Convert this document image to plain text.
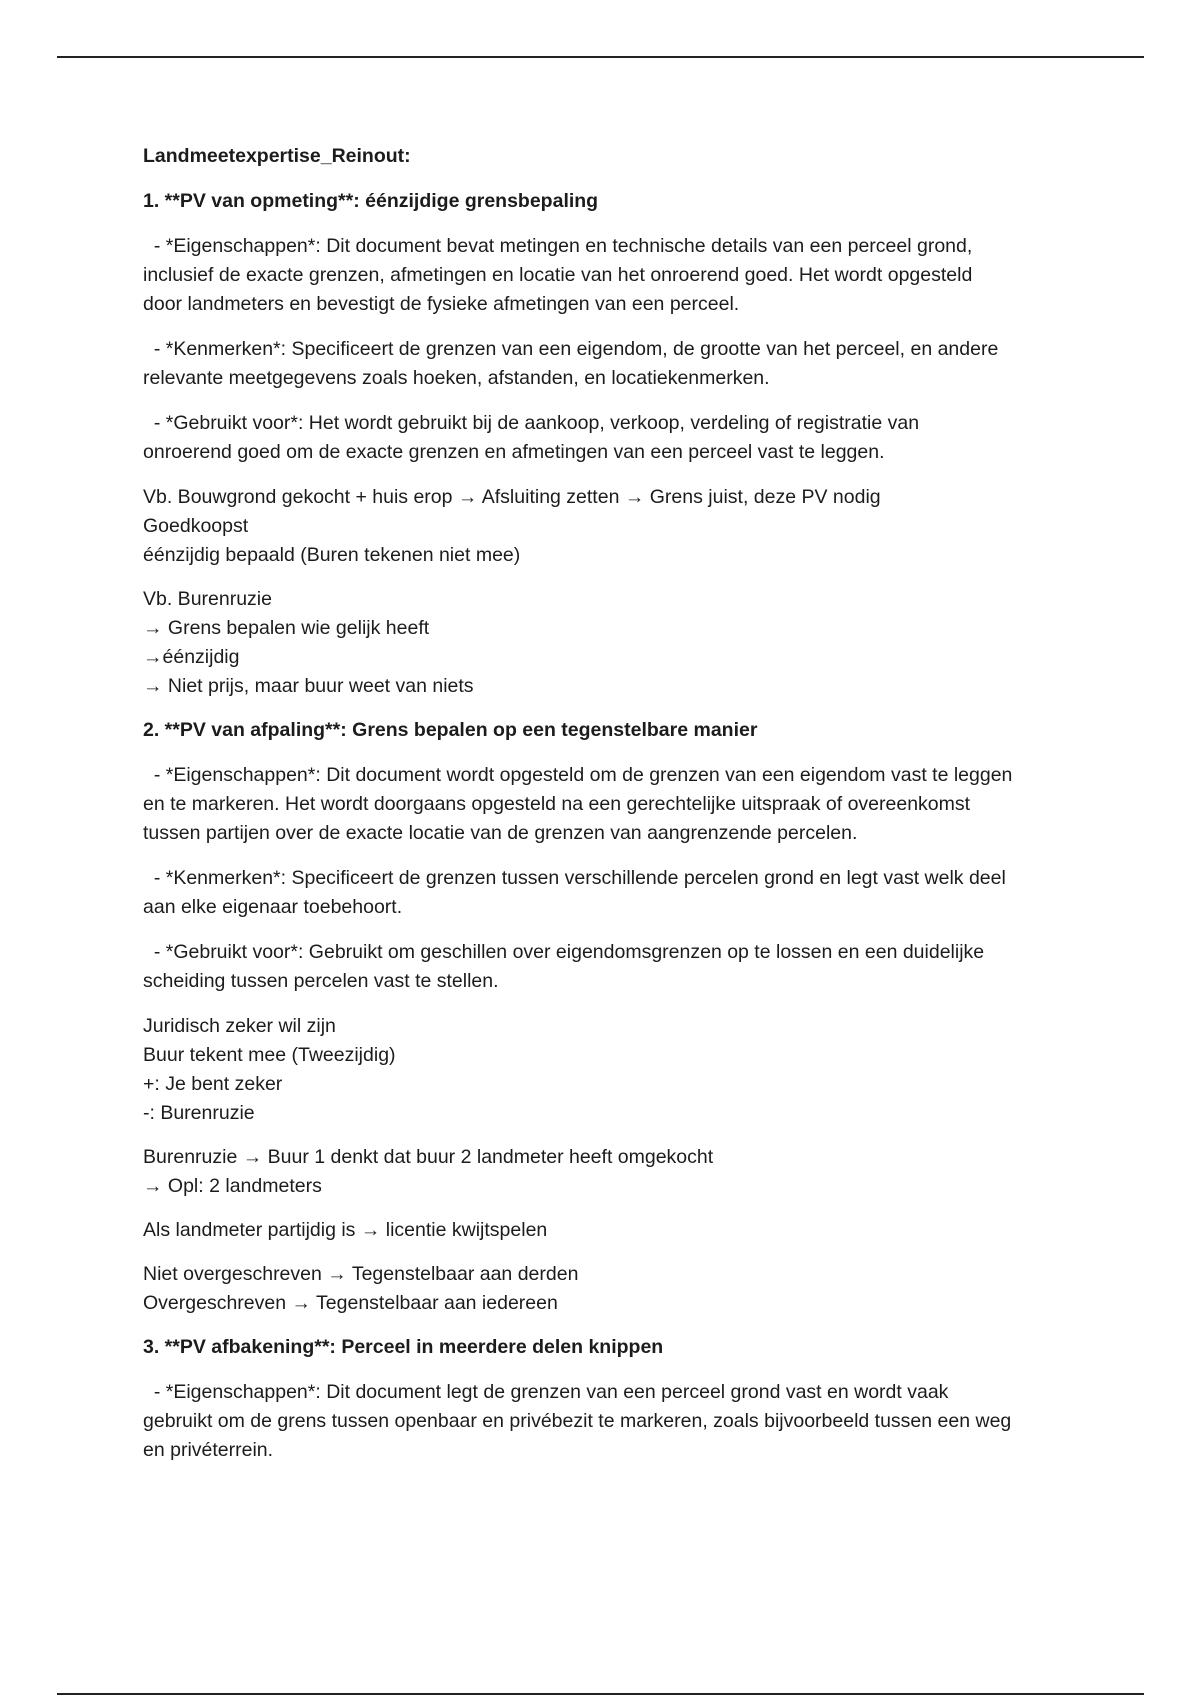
Landmeetexpertise_Reinout:

1. **PV van opmeting**: éénzijdige grensbepaling

- *Eigenschappen*: Dit document bevat metingen en technische details van een perceel grond,
inclusief de exacte grenzen, afmetingen en locatie van het onroerend goed. Het wordt opgesteld
door landmeters en bevestigt de fysieke afmetingen van een perceel.

- *Kenmerken*: Specificeert de grenzen van een eigendom, de grootte van het perceel, en andere
relevante meetgegevens zoals hoeken, afstanden, en locatiekenmerken.

- *Gebruikt voor*: Het wordt gebruikt bij de aankoop, verkoop, verdeling of registratie van
onroerend goed om de exacte grenzen en afmetingen van een perceel vast te leggen.

Vb. Bouwgrond gekocht + huis erop → Afsluiting zetten → Grens juist, deze PV nodig
Goedkoopst
éénzijdig bepaald (Buren tekenen niet mee)

Vb. Burenruzie
→ Grens bepalen wie gelijk heeft
→éénzijdig
→ Niet prijs, maar buur weet van niets

2. **PV van afpaling**: Grens bepalen op een tegenstelbare manier

- *Eigenschappen*: Dit document wordt opgesteld om de grenzen van een eigendom vast te leggen
en te markeren. Het wordt doorgaans opgesteld na een gerechtelijke uitspraak of overeenkomst
tussen partijen over de exacte locatie van de grenzen van aangrenzende percelen.

- *Kenmerken*: Specificeert de grenzen tussen verschillende percelen grond en legt vast welk deel
aan elke eigenaar toebehoort.

- *Gebruikt voor*: Gebruikt om geschillen over eigendomsgrenzen op te lossen en een duidelijke
scheiding tussen percelen vast te stellen.

Juridisch zeker wil zijn
Buur tekent mee (Tweezijdig)
+: Je bent zeker
-: Burenruzie

Burenruzie → Buur 1 denkt dat buur 2 landmeter heeft omgekocht
→ Opl: 2 landmeters

Als landmeter partijdig is → licentie kwijtspelen

Niet overgeschreven → Tegenstelbaar aan derden
Overgeschreven → Tegenstelbaar aan iedereen

3. **PV afbakening**: Perceel in meerdere delen knippen

- *Eigenschappen*: Dit document legt de grenzen van een perceel grond vast en wordt vaak
gebruikt om de grens tussen openbaar en privébezit te markeren, zoals bijvoorbeeld tussen een weg
en privéterrein.
